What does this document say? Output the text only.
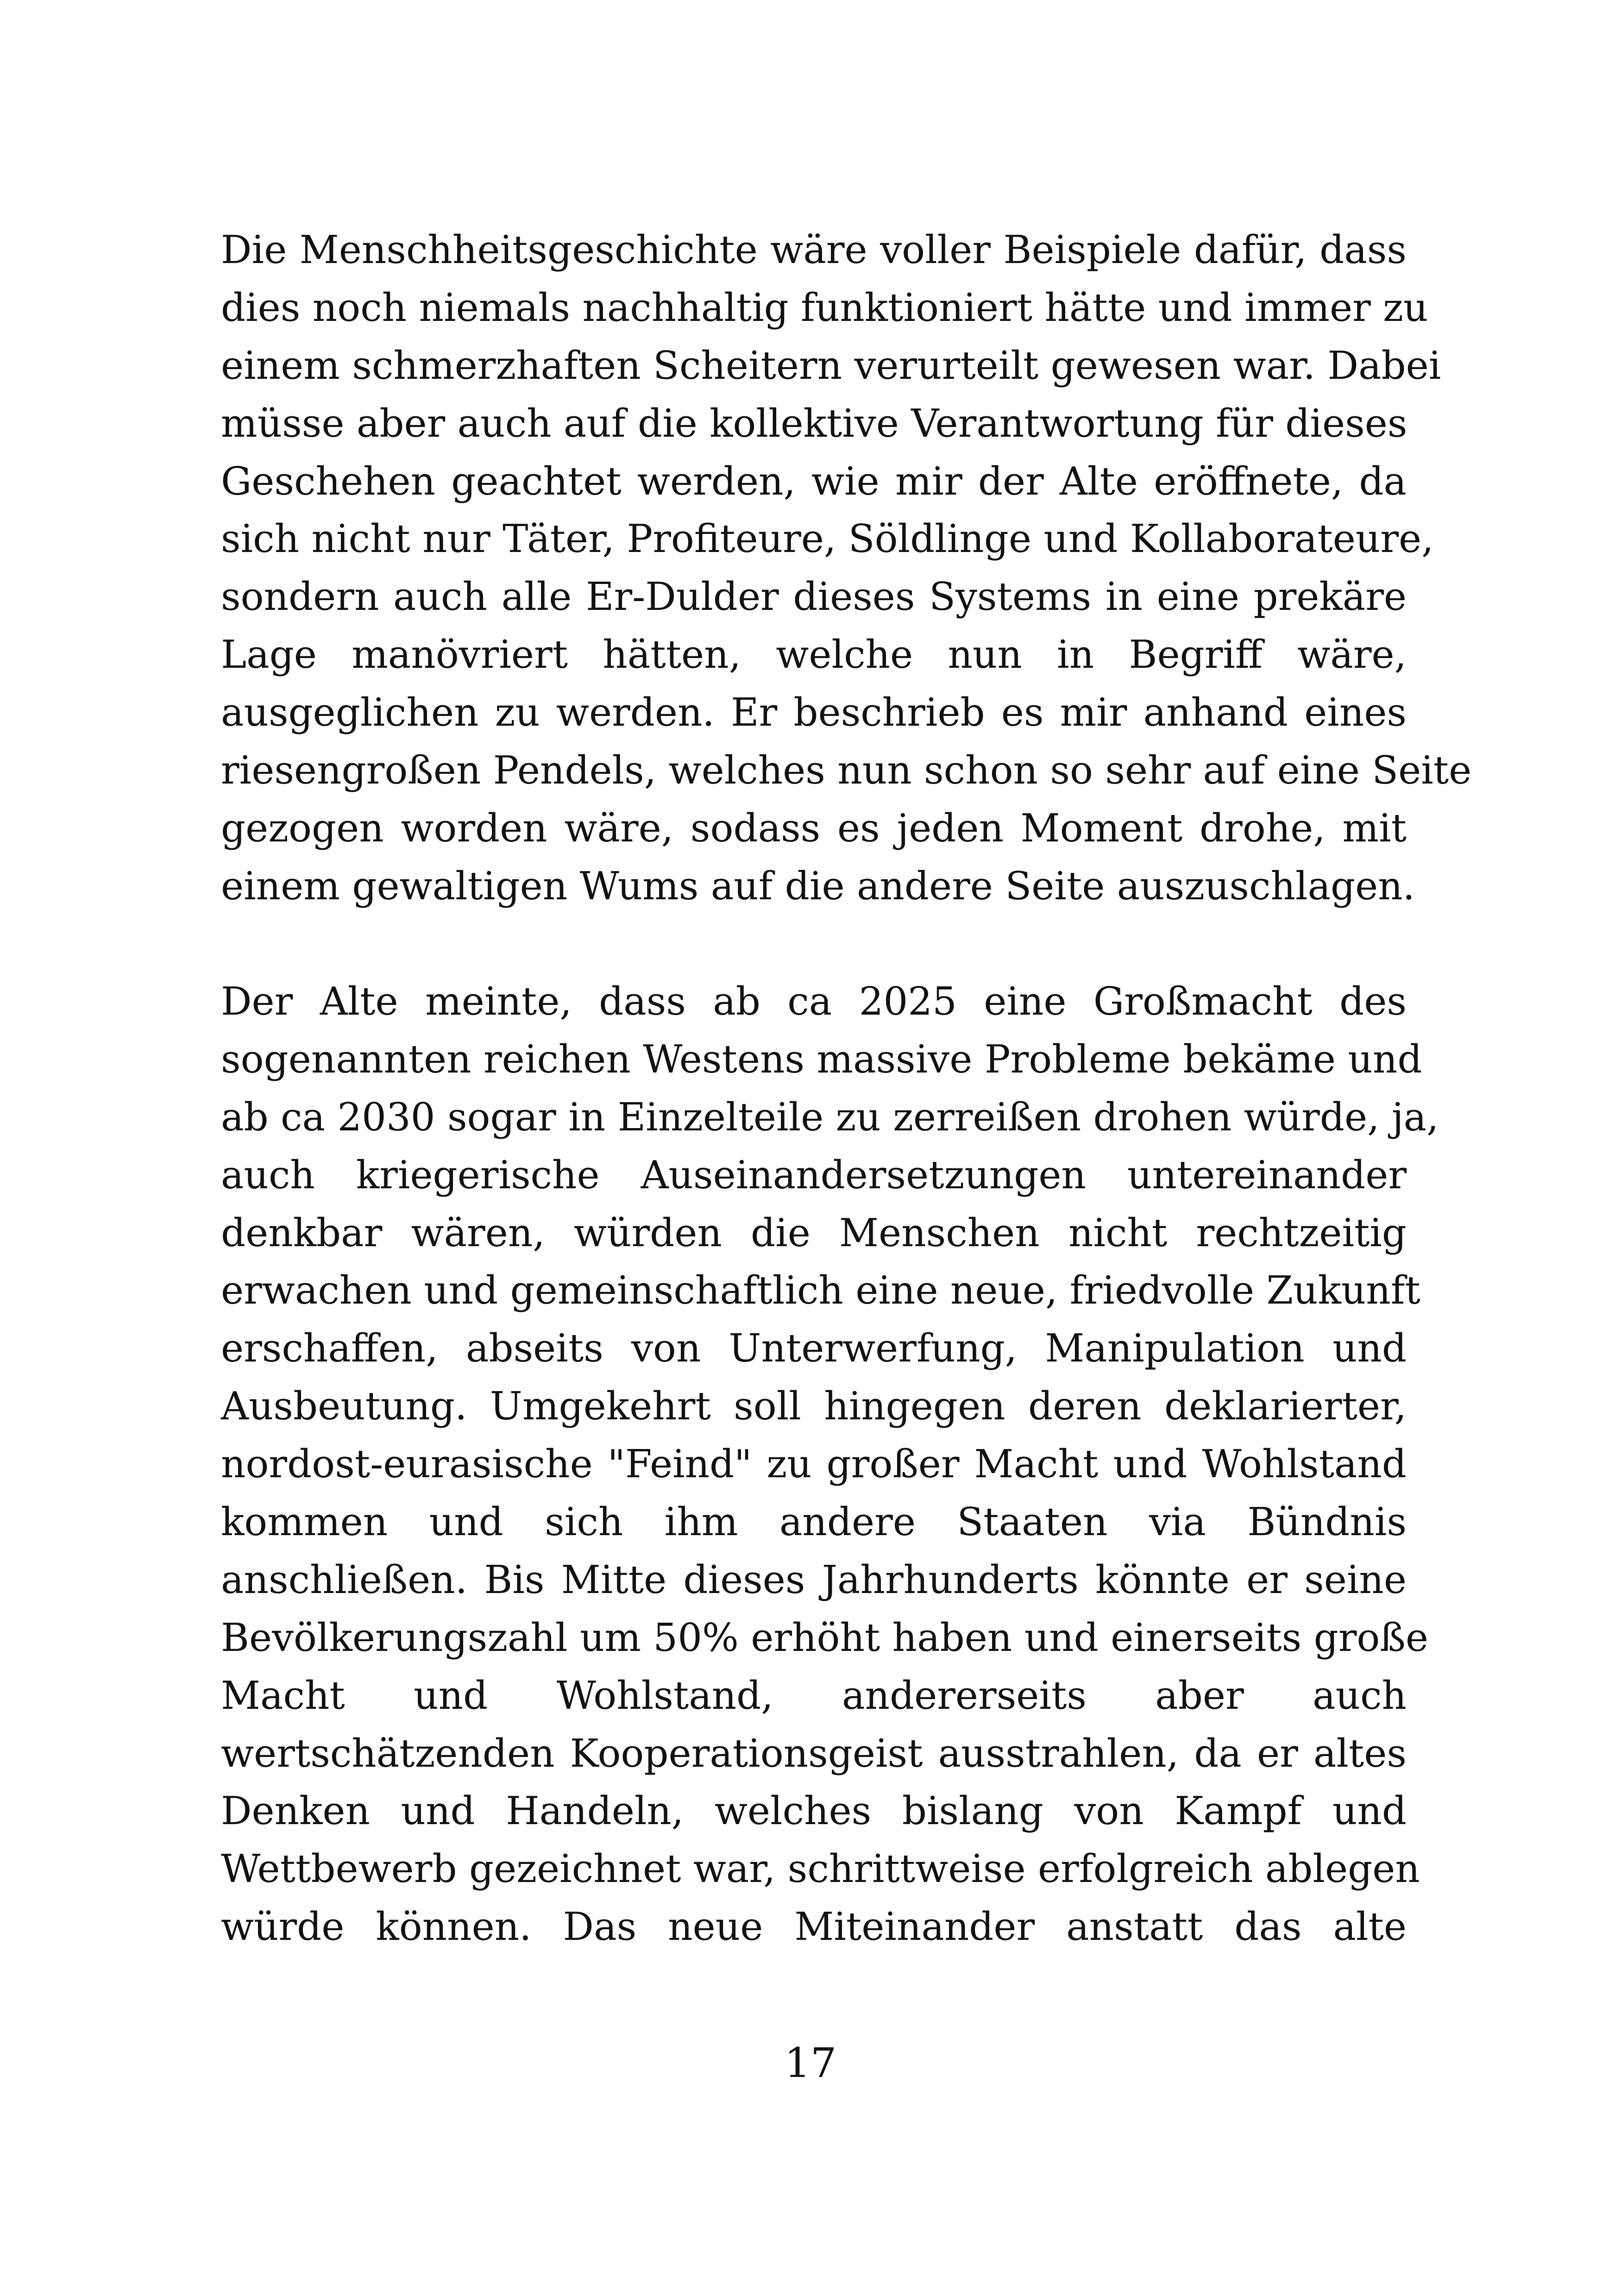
Die Menschheitsgeschichte wäre voller Beispiele dafür, dass
dies noch niemals nachhaltig funktioniert hätte und immer zu
einem schmerzhaften Scheitern verurteilt gewesen war. Dabei
müsse aber auch auf die kollektive Verantwortung für dieses
Geschehen geachtet werden, wie mir der Alte eröffnete, da
sich nicht nur Täter, Profiteure, Söldlinge und Kollaborateure,
sondern auch alle Er-Dulder dieses Systems in eine prekäre
Lage manövriert hätten, welche nun in Begriff wäre,
ausgeglichen zu werden. Er beschrieb es mir anhand eines
riesengroßen Pendels, welches nun schon so sehr auf eine Seite
gezogen worden wäre, sodass es jeden Moment drohe, mit
einem gewaltigen Wums auf die andere Seite auszuschlagen.
Der Alte meinte, dass ab ca 2025 eine Großmacht des
sogenannten reichen Westens massive Probleme bekäme und
ab ca 2030 sogar in Einzelteile zu zerreißen drohen würde, ja,
auch kriegerische Auseinandersetzungen untereinander
denkbar wären, würden die Menschen nicht rechtzeitig
erwachen und gemeinschaftlich eine neue, friedvolle Zukunft
erschaffen, abseits von Unterwerfung, Manipulation und
Ausbeutung. Umgekehrt soll hingegen deren deklarierter,
nordost-eurasische "Feind" zu großer Macht und Wohlstand
kommen und sich ihm andere Staaten via Bündnis
anschließen. Bis Mitte dieses Jahrhunderts könnte er seine
Bevölkerungszahl um 50% erhöht haben und einerseits große
Macht und Wohlstand, andererseits aber auch
wertschätzenden Kooperationsgeist ausstrahlen, da er altes
Denken und Handeln, welches bislang von Kampf und
Wettbewerb gezeichnet war, schrittweise erfolgreich ablegen
würde können. Das neue Miteinander anstatt das alte
17
